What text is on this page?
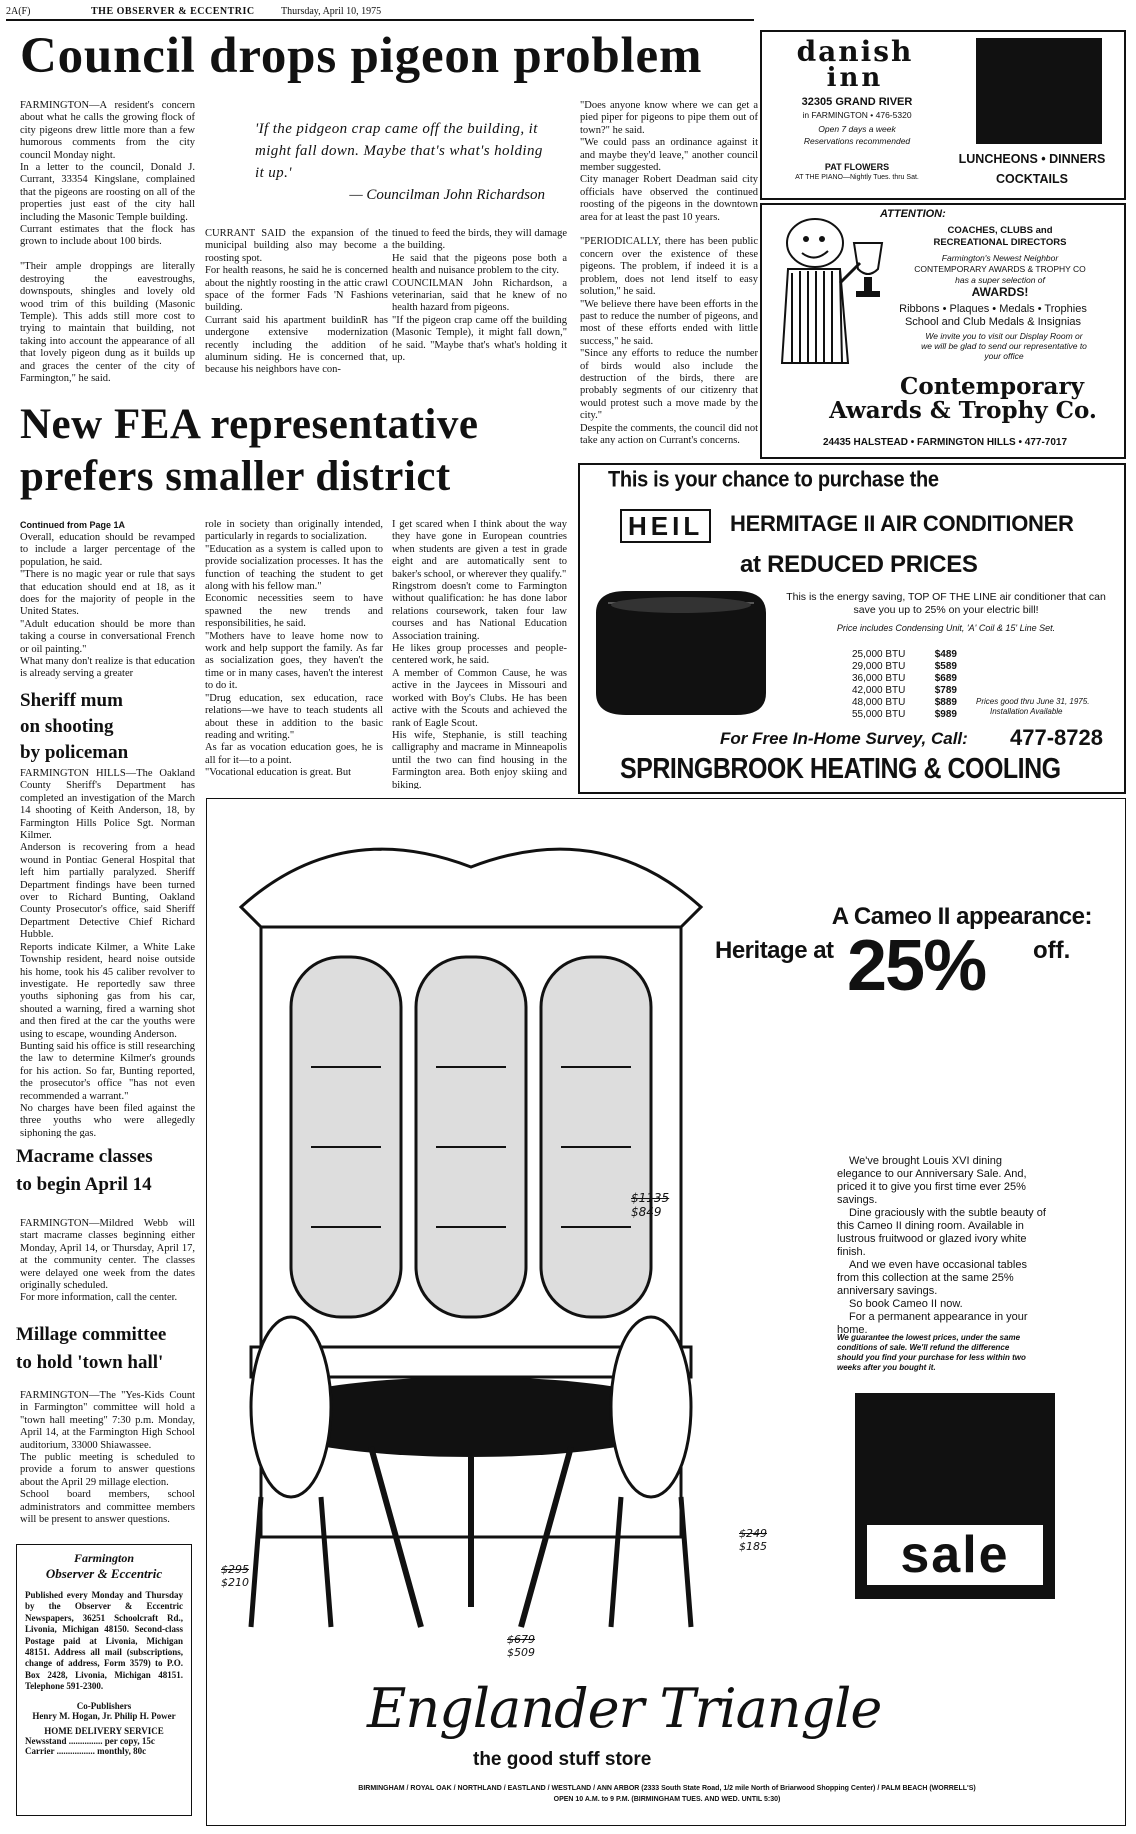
2A(F)	THE OBSERVER & ECCENTRIC	Thursday, April 10, 1975
Council drops pigeon problem
FARMINGTON—A resident's concern about what he calls the growing flock of city pigeons drew little more than a few humorous comments from the city council Monday night.
In a letter to the council, Donald J. Currant, 33354 Kingslane, complained that the pigeons are roosting on all of the properties just east of the city hall including the Masonic Temple building.
Currant estimates that the flock has grown to include about 100 birds.

"Their ample droppings are literally destroying the eavestroughs, downspouts, shingles and lovely old wood trim of this building (Masonic Temple). This adds still more cost to trying to maintain that building, not taking into account the appearance of all that lovely pigeon dung as it builds up and graces the center of the city of Farmington," he said.
'If the pidgeon crap came off the building, it might fall down. Maybe that's what's holding it up.'
— Councilman John Richardson
CURRANT SAID the expansion of the municipal building also may become a roosting spot.
For health reasons, he said he is concerned about the nightly roosting in the attic crawl space of the former Fads 'N Fashions building.
Currant said his apartment buildinR has undergone extensive modernization recently including the addition of aluminum siding. He is concerned that, because his neighbors have con-
tinued to feed the birds, they will damage the building.
He said that the pigeons pose both a health and nuisance problem to the city.
COUNCILMAN John Richardson, a veterinarian, said that he knew of no health hazard from pigeons.
"If the pigeon crap came off the building (Masonic Temple), it might fall down," he said. "Maybe that's what's holding it up.
"Does anyone know where we can get a pied piper for pigeons to pipe them out of town?" he said.
"We could pass an ordinance against it and maybe they'd leave," another council member suggested.
City manager Robert Deadman said city officials have observed the continued roosting of the pigeons in the downtown area for at least the past 10 years.

"PERIODICALLY, there has been public concern over the existence of these pigeons. The problem, if indeed it is a problem, does not lend itself to easy solution," he said.
"We believe there have been efforts in the past to reduce the number of pigeons, and most of these efforts ended with little success," he said.
"Since any efforts to reduce the number of birds would also include the destruction of the birds, there are probably segments of our citizenry that would protest such a move made by the city."
Despite the comments, the council did not take any action on Currant's concerns.
New FEA representative
prefers smaller district
Continued from Page 1A
Overall, education should be revamped to include a larger percentage of the population, he said.
"There is no magic year or rule that says that education should end at 18, as it does for the majority of people in the United States.
"Adult education should be more than taking a course in conversational French or oil painting."
What many don't realize is that education is already serving a greater
role in society than originally intended, particularly in regards to socialization.
"Education as a system is called upon to provide socialization processes. It has the function of teaching the student to get along with his fellow man."
Economic necessities seem to have spawned the new trends and responsibilities, he said.
"Mothers have to leave home now to work and help support the family. As far as socialization goes, they haven't the time or in many cases, haven't the interest to do it.
"Drug education, sex education, race relations—we have to teach students all about these in addition to the basic reading and writing."
As far as vocation education goes, he is all for it—to a point.
"Vocational education is great. But
I get scared when I think about the way they have gone in European countries when students are given a test in grade eight and are automatically sent to baker's school, or wherever they qualify."
Ringstrom doesn't come to Farmington without qualification: he has done labor relations coursework, taken four law courses and has National Education Association training.
He likes group processes and people-centered work, he said.
A member of Common Cause, he was active in the Jaycees in Missouri and worked with Boy's Clubs. He has been active with the Scouts and achieved the rank of Eagle Scout.
His wife, Stephanie, is still teaching calligraphy and macrame in Minneapolis until the two can find housing in the Farmington area. Both enjoy skiing and biking.
Sheriff mum
on shooting
by policeman
FARMINGTON HILLS—The Oakland County Sheriff's Department has completed an investigation of the March 14 shooting of Keith Anderson, 18, by Farmington Hills Police Sgt. Norman Kilmer.
Anderson is recovering from a head wound in Pontiac General Hospital that left him partially paralyzed. Sheriff Department findings have been turned over to Richard Bunting, Oakland County Prosecutor's office, said Sheriff Department Detective Chief Richard Hubble.
Reports indicate Kilmer, a White Lake Township resident, heard noise outside his home, took his 45 caliber revolver to investigate. He reportedly saw three youths siphoning gas from his car, shouted a warning, fired a warning shot and then fired at the car the youths were using to escape, wounding Anderson.
Bunting said his office is still researching the law to determine Kilmer's grounds for his action. So far, Bunting reported, the prosecutor's office "has not even recommended a warrant."
No charges have been filed against the three youths who were allegedly siphoning the gas.
Macrame classes
to begin April 14
FARMINGTON—Mildred Webb will start macrame classes beginning either Monday, April 14, or Thursday, April 17, at the community center. The classes were delayed one week from the dates originally scheduled.
For more information, call the center.
Millage committee
to hold 'town hall'
FARMINGTON—The "Yes-Kids Count in Farmington" committee will hold a "town hall meeting" 7:30 p.m. Monday, April 14, at the Farmington High School auditorium, 33000 Shiawassee.
The public meeting is scheduled to provide a forum to answer questions about the April 29 millage election.
School board members, school administrators and committee members will be present to answer questions.
Farmington
Observer & Eccentric
Published every Monday and Thursday by the Observer & Eccentric Newspapers, 36251 Schoolcraft Rd., Livonia, Michigan 48150. Second-class Postage paid at Livonia, Michigan 48151. Address all mail (subscriptions, change of address, Form 3579) to P.O. Box 2428, Livonia, Michigan 48151. Telephone 591-2300.
Co-Publishers
Henry M. Hogan, Jr. Philip H. Power
HOME DELIVERY SERVICE
Newsstand ............... per copy, 15c
Carrier ................. monthly, 80c
danish
inn
32305 GRAND RIVER
in FARMINGTON • 476-5320
Open 7 days a week
Reservations recommended
PAT FLOWERS
AT THE PIANO—Nightly Tues. thru Sat.
LUNCHEONS • DINNERS
COCKTAILS
ATTENTION:
COACHES, CLUBS and
RECREATIONAL DIRECTORS
Farmington's Newest Neighbor
CONTEMPORARY AWARDS & TROPHY CO
has a super selection of
AWARDS!
Ribbons • Plaques • Medals • Trophies
School and Club Medals & Insignias
We invite you to visit our Display Room or we will be glad to send our representative to your office
Contemporary
Awards & Trophy Co.
24435 HALSTEAD • FARMINGTON HILLS • 477-7017
This is your chance to purchase the
HEIL	HERMITAGE II AIR CONDITIONER
at REDUCED PRICES
This is the energy saving, TOP OF THE LINE air conditioner that can save you up to 25% on your electric bill!
Price includes Condensing Unit, 'A' Coil & 15' Line Set.
25,000 BTU	$489
29,000 BTU	$589
36,000 BTU	$689
42,000 BTU	$789
48,000 BTU	$889
55,000 BTU	$989
Prices good thru June 31, 1975.
Installation Available
For Free In-Home Survey, Call: 477-8728
SPRINGBROOK HEATING & COOLING
$1135
$849
$295
$210
$249
$185
$679
$509
A Cameo II appearance:
Heritage at 25% off.
We've brought Louis XVI dining elegance to our Anniversary Sale. And, priced it to give you first time ever 25% savings.
Dine graciously with the subtle beauty of this Cameo II dining room. Available in lustrous fruitwood or glazed ivory white finish.
And we even have occasional tables from this collection at the same 25% anniversary savings.
So book Cameo II now.
For a permanent appearance in your home.
We guarantee the lowest prices, under the same conditions of sale. We'll refund the difference should you find your purchase for less within two weeks after you bought it.
sale
Englander Triangle
the good stuff store
BIRMINGHAM / ROYAL OAK / NORTHLAND / EASTLAND / WESTLAND / ANN ARBOR (2333 South State Road, 1/2 mile North of Briarwood Shopping Center) / PALM BEACH (WORRELL'S)
OPEN 10 A.M. to 9 P.M. (BIRMINGHAM TUES. AND WED. UNTIL 5:30)
